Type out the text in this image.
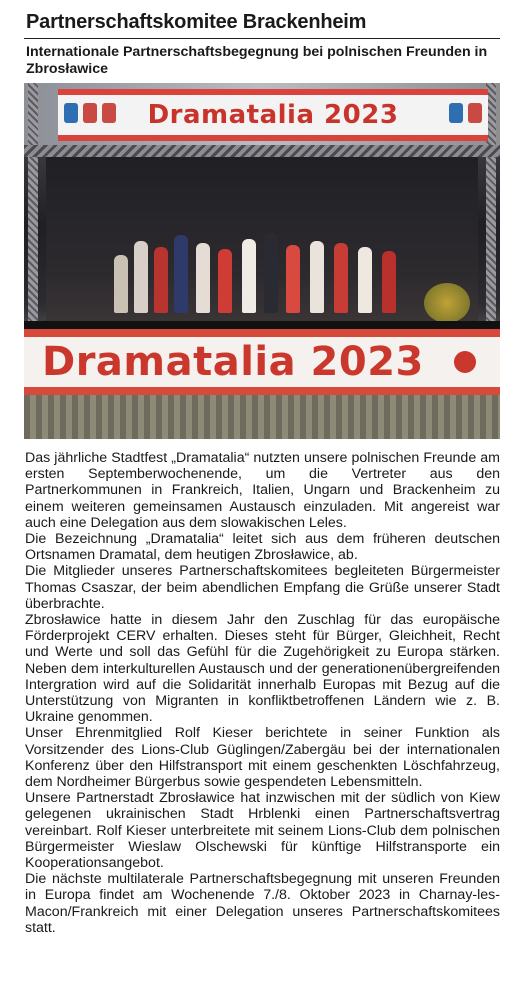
Partnerschaftskomitee Brackenheim
Internationale Partnerschaftsbegegnung bei polnischen Freunden in Zbrosławice
Dramatalia 2023
Dramatalia 2023

Das jährliche Stadtfest „Dramatalia“ nutzten unsere polnischen Freunde am ersten Septemberwochenende, um die Vertreter aus den Partnerkommunen in Frankreich, Italien, Ungarn und Brackenheim zu einem weiteren gemeinsamen Austausch einzuladen. Mit angereist war auch eine Delegation aus dem slowakischen Leles.

Die Bezeichnung „Dramatalia“ leitet sich aus dem früheren deutschen Ortsnamen Dramatal, dem heutigen Zbrosławice, ab.

Die Mitglieder unseres Partnerschaftskomitees begleiteten Bürgermeister Thomas Csaszar, der beim abendlichen Empfang die Grüße unserer Stadt überbrachte.

Zbrosławice hatte in diesem Jahr den Zuschlag für das europäische Förderprojekt CERV erhalten. Dieses steht für Bürger, Gleichheit, Recht und Werte und soll das Gefühl für die Zugehörigkeit zu Europa stärken. Neben dem interkulturellen Austausch und der generationenübergreifenden Intergration wird auf die Solidarität innerhalb Europas mit Bezug auf die Unterstützung von Migranten in konfliktbetroffenen Ländern wie z. B. Ukraine genommen.

Unser Ehrenmitglied Rolf Kieser berichtete in seiner Funktion als Vorsitzender des Lions-Club Güglingen/Zabergäu bei der internationalen Konferenz über den Hilfstransport mit einem geschenkten Löschfahrzeug, dem Nordheimer Bürgerbus sowie gespendeten Lebensmitteln.

Unsere Partnerstadt Zbrosławice hat inzwischen mit der südlich von Kiew gelegenen ukrainischen Stadt Hrblenki einen Partnerschaftsvertrag vereinbart. Rolf Kieser unterbreitete mit seinem Lions-Club dem polnischen Bürgermeister Wieslaw Olschewski für künftige Hilfstransporte ein Kooperationsangebot.

Die nächste multilaterale Partnerschaftsbegegnung mit unseren Freunden in Europa findet am Wochenende 7./8. Oktober 2023 in Charnay-les-Macon/Frankreich mit einer Delegation unseres Partnerschaftskomitees statt.
